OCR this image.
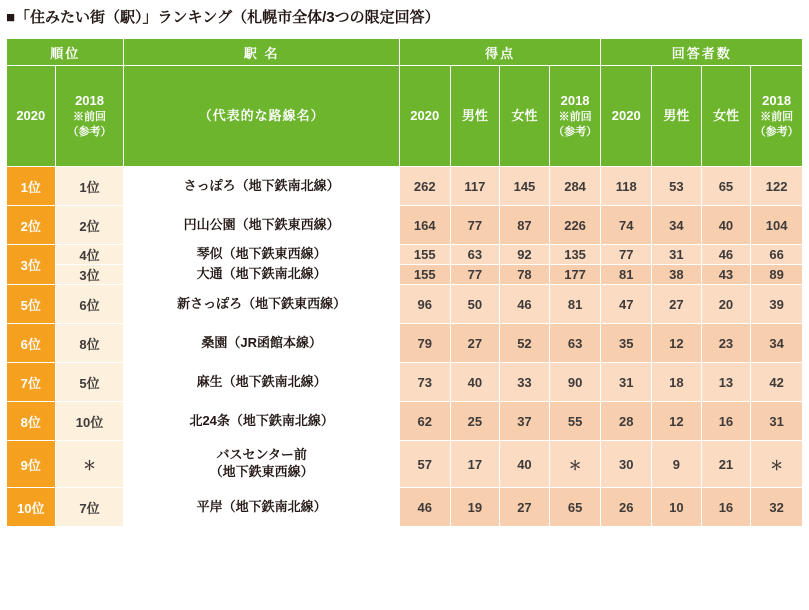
■「住みたい街（駅）」ランキング（札幌市全体/3つの限定回答）
順位		駅 名	得点				回答者数			

2020	2018
※前回
（参考）	（代表的な路線名）	2020	男性	女性	2018
※前回
（参考）	2020	男性	女性	2018
※前回
（参考）

1位	1位	さっぽろ（地下鉄南北線）	262	117	145	284	118	53	65	122
2位	2位	円山公園（地下鉄東西線）	164	77	87	226	74	34	40	104
3位	4位	琴似（地下鉄東西線）	155	63	92	135	77	31	46	66
	3位	大通（地下鉄南北線）	155	77	78	177	81	38	43	89
5位	6位	新さっぽろ（地下鉄東西線）	96	50	46	81	47	27	20	39
6位	8位	桑園（JR函館本線）	79	27	52	63	35	12	23	34
7位	5位	麻生（地下鉄南北線）	73	40	33	90	31	18	13	42
8位	10位	北24条（地下鉄南北線）	62	25	37	55	28	12	16	31
9位	＊	バスセンター前
（地下鉄東西線）	57	17	40	＊	30	9	21	＊
10位	7位	平岸（地下鉄南北線）	46	19	27	65	26	10	16	32
